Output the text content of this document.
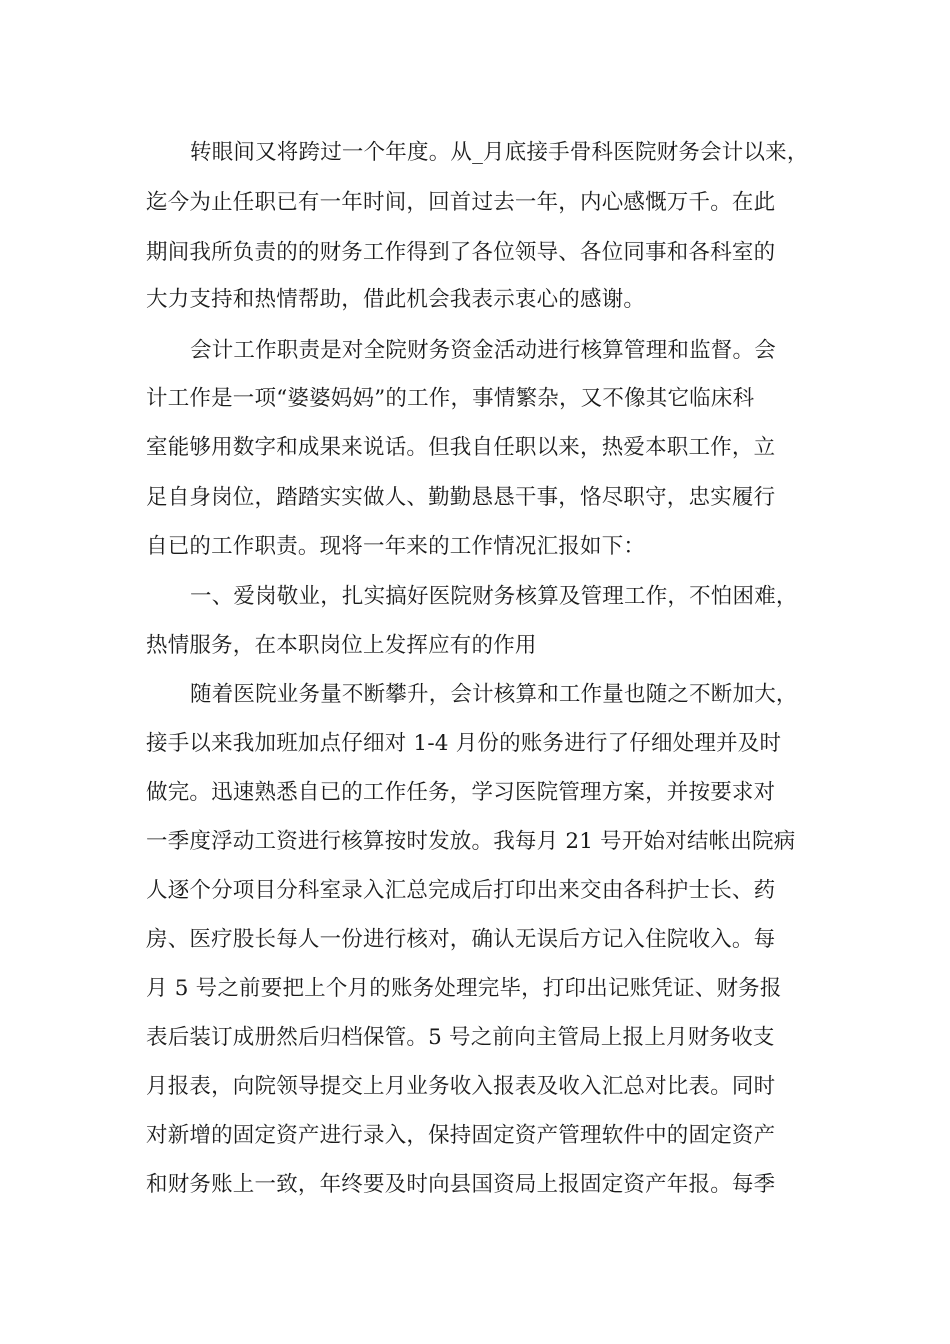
转眼间又将跨过一个年度。从_月底接手骨科医院财务会计以来，
迄今为止任职已有一年时间，回首过去一年，内心感慨万千。在此
期间我所负责的的财务工作得到了各位领导、各位同事和各科室的
大力支持和热情帮助，借此机会我表示衷心的感谢。
会计工作职责是对全院财务资金活动进行核算管理和监督。会
计工作是一项“婆婆妈妈”的工作，事情繁杂，又不像其它临床科
室能够用数字和成果来说话。但我自任职以来，热爱本职工作，立
足自身岗位，踏踏实实做人、勤勤恳恳干事，恪尽职守，忠实履行
自已的工作职责。现将一年来的工作情况汇报如下：
一、爱岗敬业，扎实搞好医院财务核算及管理工作，不怕困难，
热情服务，在本职岗位上发挥应有的作用
随着医院业务量不断攀升，会计核算和工作量也随之不断加大，
接手以来我加班加点仔细对 1-4 月份的账务进行了仔细处理并及时
做完。迅速熟悉自已的工作任务，学习医院管理方案，并按要求对
一季度浮动工资进行核算按时发放。我每月 21 号开始对结帐出院病
人逐个分项目分科室录入汇总完成后打印出来交由各科护士长、药
房、医疗股长每人一份进行核对，确认无误后方记入住院收入。每
月 5 号之前要把上个月的账务处理完毕，打印出记账凭证、财务报
表后装订成册然后归档保管。5 号之前向主管局上报上月财务收支
月报表，向院领导提交上月业务收入报表及收入汇总对比表。同时
对新增的固定资产进行录入，保持固定资产管理软件中的固定资产
和财务账上一致，年终要及时向县国资局上报固定资产年报。每季
